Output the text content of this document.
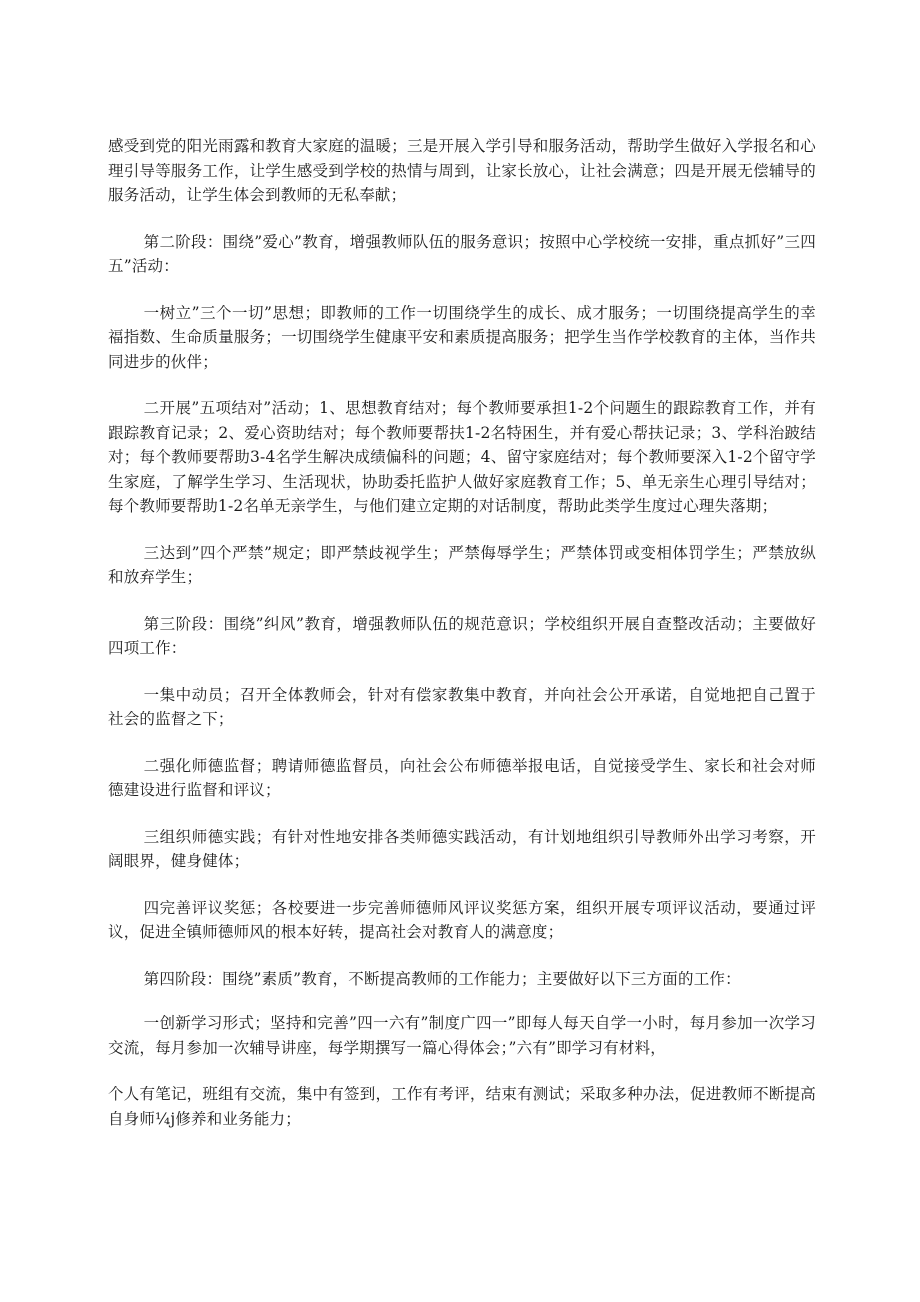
感受到党的阳光雨露和教育大家庭的温暖；三是开展入学引导和服务活动，帮助学生做好入学报名和心理引导等服务工作，让学生感受到学校的热情与周到，让家长放心，让社会满意；四是开展无偿辅导的服务活动，让学生体会到教师的无私奉献；

第二阶段：围绕”爱心”教育，增强教师队伍的服务意识；按照中心学校统一安排，重点抓好”三四五”活动：

一树立”三个一切”思想；即教师的工作一切围绕学生的成长、成才服务；一切围绕提高学生的幸福指数、生命质量服务；一切围绕学生健康平安和素质提高服务；把学生当作学校教育的主体，当作共同进步的伙伴；

二开展”五项结对”活动；1、思想教育结对；每个教师要承担1-2个问题生的跟踪教育工作，并有跟踪教育记录；2、爱心资助结对；每个教师要帮扶1-2名特困生，并有爱心帮扶记录；3、学科治跛结对；每个教师要帮助3-4名学生解决成绩偏科的问题；4、留守家庭结对；每个教师要深入1-2个留守学生家庭，了解学生学习、生活现状，协助委托监护人做好家庭教育工作；5、单无亲生心理引导结对；每个教师要帮助1-2名单无亲学生，与他们建立定期的对话制度，帮助此类学生度过心理失落期；

三达到”四个严禁”规定；即严禁歧视学生；严禁侮辱学生；严禁体罚或变相体罚学生；严禁放纵和放弃学生；

第三阶段：围绕”纠风”教育，增强教师队伍的规范意识；学校组织开展自查整改活动；主要做好四项工作：

一集中动员；召开全体教师会，针对有偿家教集中教育，并向社会公开承诺，自觉地把自己置于社会的监督之下；

二强化师德监督；聘请师德监督员，向社会公布师德举报电话，自觉接受学生、家长和社会对师德建设进行监督和评议；

三组织师德实践；有针对性地安排各类师德实践活动，有计划地组织引导教师外出学习考察，开阔眼界，健身健体；

四完善评议奖惩；各校要进一步完善师德师风评议奖惩方案，组织开展专项评议活动，要通过评议，促进全镇师德师风的根本好转，提高社会对教育人的满意度；

第四阶段：围绕”素质”教育，不断提高教师的工作能力；主要做好以下三方面的工作：

一创新学习形式；坚持和完善”四一六有”制度广四一”即每人每天自学一小时，每月参加一次学习交流，每月参加一次辅导讲座，每学期撰写一篇心得体会；”六有”即学习有材料，

个人有笔记，班组有交流，集中有签到，工作有考评，结束有测试；采取多种办法，促进教师不断提高自身师¼j修养和业务能力；
